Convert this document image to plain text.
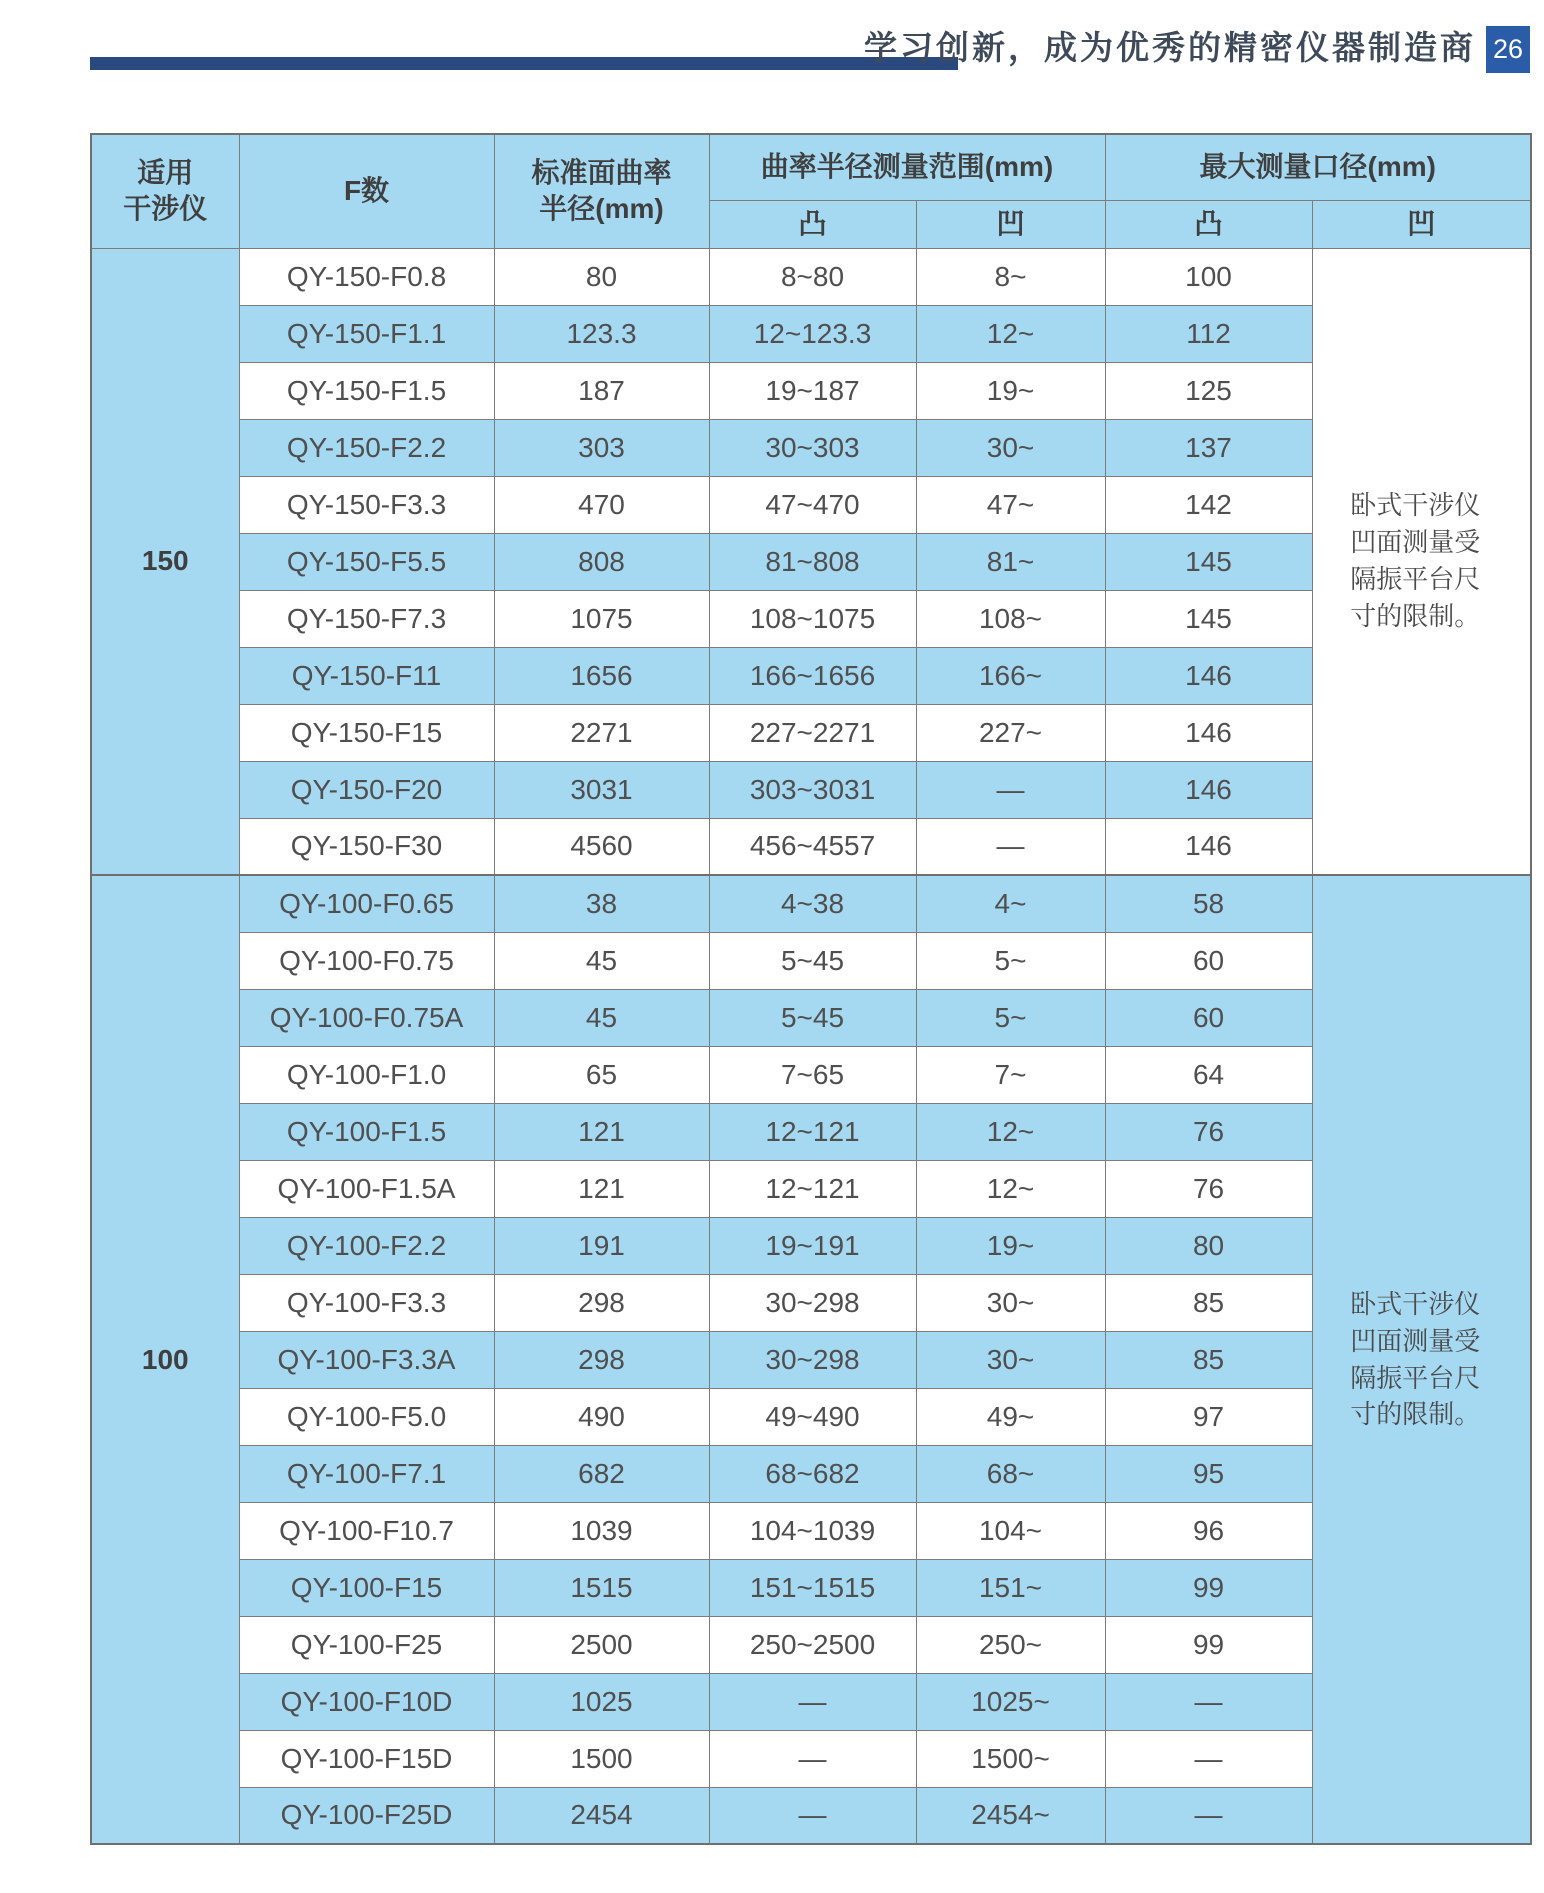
学习创新，成为优秀的精密仪器制造商 26
适用
干涉仪	F数	标准面曲率
半径(mm)	曲率半径测量范围(mm)		最大测量口径(mm)	
			凸	凹	凸	凹
150	QY-150-F0.8	80	8~80	8~	100	卧式干涉仪凹面测量受隔振平台尺寸的限制。

	QY-150-F1.1	123.3	12~123.3	12~	112	
	QY-150-F1.5	187	19~187	19~	125	
	QY-150-F2.2	303	30~303	30~	137	
	QY-150-F3.3	470	47~470	47~	142	
	QY-150-F5.5	808	81~808	81~	145	
	QY-150-F7.3	1075	108~1075	108~	145	
	QY-150-F11	1656	166~1656	166~	146	
	QY-150-F15	2271	227~2271	227~	146	
	QY-150-F20	3031	303~3031	—	146	
	QY-150-F30	4560	456~4557	—	146	
100	QY-100-F0.65	38	4~38	4~	58	卧式干涉仪凹面测量受隔振平台尺寸的限制。

	QY-100-F0.75	45	5~45	5~	60	
	QY-100-F0.75A	45	5~45	5~	60	
	QY-100-F1.0	65	7~65	7~	64	
	QY-100-F1.5	121	12~121	12~	76	
	QY-100-F1.5A	121	12~121	12~	76	
	QY-100-F2.2	191	19~191	19~	80	
	QY-100-F3.3	298	30~298	30~	85	
	QY-100-F3.3A	298	30~298	30~	85	
	QY-100-F5.0	490	49~490	49~	97	
	QY-100-F7.1	682	68~682	68~	95	
	QY-100-F10.7	1039	104~1039	104~	96	
	QY-100-F15	1515	151~1515	151~	99	
	QY-100-F25	2500	250~2500	250~	99	
	QY-100-F10D	1025	—	1025~	—	
	QY-100-F15D	1500	—	1500~	—	
	QY-100-F25D	2454	—	2454~	—	
